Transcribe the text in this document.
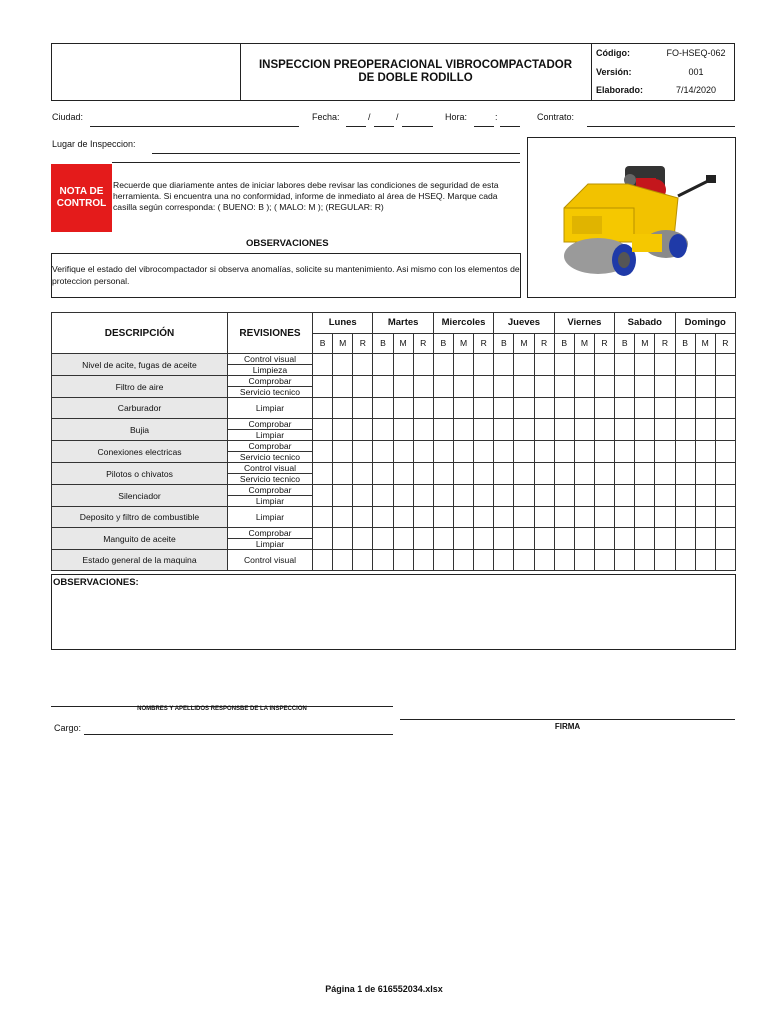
INSPECCION PREOPERACIONAL VIBROCOMPACTADOR DE DOBLE RODILLO
Código:	FO-HSEQ-062
Versión:	001
Elaborado:	7/14/2020
Ciudad:	Fecha:	/	/	Hora:	:	Contrato:
Lugar de Inspeccion:
NOTA DE CONTROL
Recuerde que diariamente antes de iniciar labores debe revisar las condiciones de seguridad de esta herramienta. Si encuentra una no conformidad, informe de inmediato al área de HSEQ. Marque cada casilla según corresponda: ( BUENO: B ); ( MALO: M ); (REGULAR: R)
OBSERVACIONES
Verifique el estado del vibrocompactador si observa anomalías, solicite su mantenimiento. Asi mismo con los elementos de proteccion personal.
DESCRIPCIÓN	REVISIONES	Lunes			Martes			Miercoles			Jueves			Viernes			Sabado			Domingo		
		B	M	R	B	M	R	B	M	R	B	M	R	B	M	R	B	M	R	B	M	R
Nivel de acite, fugas de aceite	Control visual																					
	Limpieza																					
Filtro de aire	Comprobar																					
	Servicio tecnico																					
Carburador	Limpiar																					
Bujia	Comprobar																					
	Limpiar																					
Conexiones electricas	Comprobar																					
	Servicio tecnico																					
Pilotos o chivatos	Control visual																					
	Servicio tecnico																					
Silenciador	Comprobar																					
	Limpiar																					
Deposito y filtro de combustible	Limpiar																					
Manguito de aceite	Comprobar																					
	Limpiar																					
Estado general de la maquina	Control visual																					
OBSERVACIONES:
NOMBRES Y APELLIDOS RESPONSBE DE LA INSPECCION
Cargo:	FIRMA
Página 1 de 616552034.xlsx
